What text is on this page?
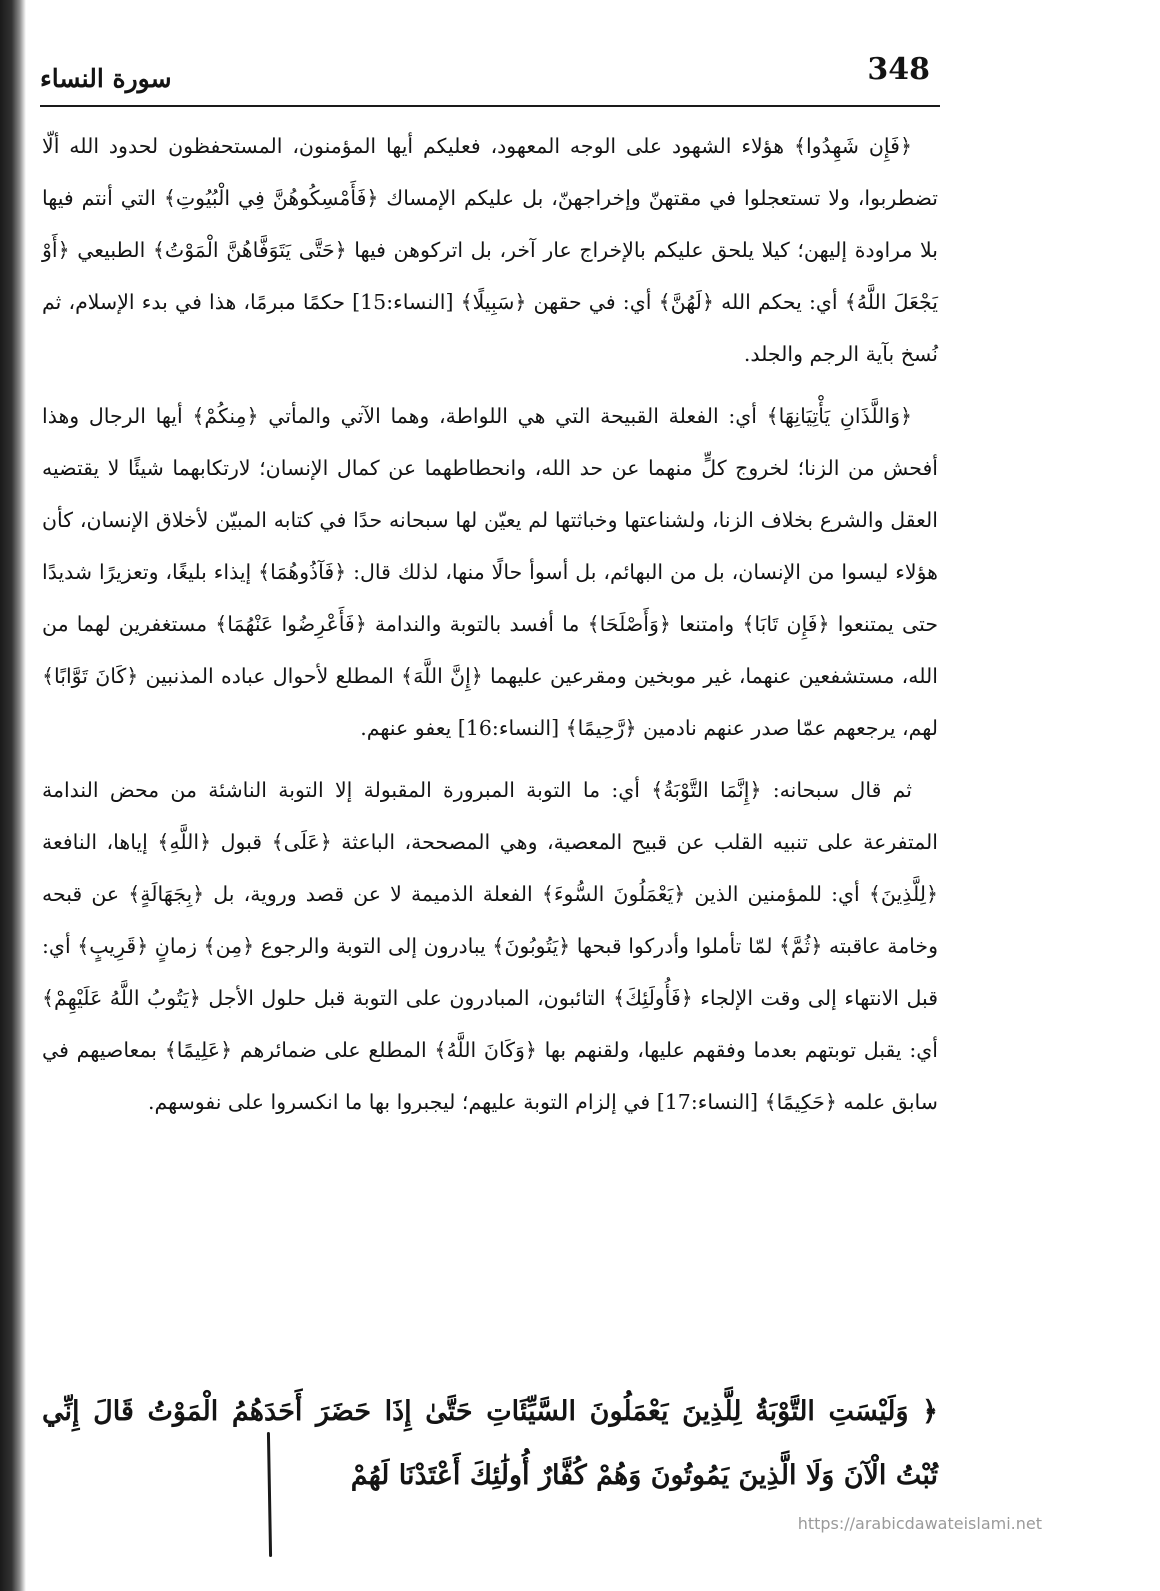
348
سورة النساء

﴿فَإِن شَهِدُوا﴾ هؤلاء الشهود على الوجه المعهود، فعليكم أيها المؤمنون، المستحفظون لحدود الله ألّا تضطربوا، ولا تستعجلوا في مقتهنّ وإخراجهنّ، بل عليكم الإمساك ﴿فَأَمْسِكُوهُنَّ فِي الْبُيُوتِ﴾ التي أنتم فيها بلا مراودة إليهن؛ كيلا يلحق عليكم بالإخراج عار آخر، بل اتركوهن فيها ﴿حَتَّى يَتَوَفَّاهُنَّ الْمَوْتُ﴾ الطبيعي ﴿أَوْ يَجْعَلَ اللَّهُ﴾ أي: يحكم الله ﴿لَهُنَّ﴾ أي: في حقهن ﴿سَبِيلًا﴾ [النساء:15] حكمًا مبرمًا، هذا في بدء الإسلام، ثم نُسخ بآية الرجم والجلد.

﴿وَاللَّذَانِ يَأْتِيَانِهَا﴾ أي: الفعلة القبيحة التي هي اللواطة، وهما الآتي والمأتي ﴿مِنكُمْ﴾ أيها الرجال وهذا أفحش من الزنا؛ لخروج كلٍّ منهما عن حد الله، وانحطاطهما عن كمال الإنسان؛ لارتكابهما شيئًا لا يقتضيه العقل والشرع بخلاف الزنا، ولشناعتها وخباثتها لم يعيّن لها سبحانه حدًا في كتابه المبيّن لأخلاق الإنسان، كأن هؤلاء ليسوا من الإنسان، بل من البهائم، بل أسوأ حالًا منها، لذلك قال: ﴿فَآذُوهُمَا﴾ إيذاء بليغًا، وتعزيرًا شديدًا حتى يمتنعوا ﴿فَإِن تَابَا﴾ وامتنعا ﴿وَأَصْلَحَا﴾ ما أفسد بالتوبة والندامة ﴿فَأَعْرِضُوا عَنْهُمَا﴾ مستغفرين لهما من الله، مستشفعين عنهما، غير موبخين ومقرعين عليهما ﴿إِنَّ اللَّهَ﴾ المطلع لأحوال عباده المذنبين ﴿كَانَ تَوَّابًا﴾ لهم، يرجعهم عمّا صدر عنهم نادمين ﴿رَّحِيمًا﴾ [النساء:16] يعفو عنهم.

ثم قال سبحانه: ﴿إِنَّمَا التَّوْبَةُ﴾ أي: ما التوبة المبرورة المقبولة إلا التوبة الناشئة من محض الندامة المتفرعة على تنبيه القلب عن قبيح المعصية، وهي المصححة، الباعثة ﴿عَلَى﴾ قبول ﴿اللَّهِ﴾ إياها، النافعة ﴿لِلَّذِينَ﴾ أي: للمؤمنين الذين ﴿يَعْمَلُونَ السُّوءَ﴾ الفعلة الذميمة لا عن قصد وروية، بل ﴿بِجَهَالَةٍ﴾ عن قبحه وخامة عاقبته ﴿ثُمَّ﴾ لمّا تأملوا وأدركوا قبحها ﴿يَتُوبُونَ﴾ يبادرون إلى التوبة والرجوع ﴿مِن﴾ زمانٍ ﴿قَرِيبٍ﴾ أي: قبل الانتهاء إلى وقت الإلجاء ﴿فَأُولَئِكَ﴾ التائبون، المبادرون على التوبة قبل حلول الأجل ﴿يَتُوبُ اللَّهُ عَلَيْهِمْ﴾ أي: يقبل توبتهم بعدما وفقهم عليها، ولقنهم بها ﴿وَكَانَ اللَّهُ﴾ المطلع على ضمائرهم ﴿عَلِيمًا﴾ بمعاصيهم في سابق علمه ﴿حَكِيمًا﴾ [النساء:17] في إلزام التوبة عليهم؛ ليجبروا بها ما انكسروا على نفوسهم.

﴿ وَلَيْسَتِ التَّوْبَةُ لِلَّذِينَ يَعْمَلُونَ السَّيِّئَاتِ حَتَّىٰ إِذَا حَضَرَ أَحَدَهُمُ الْمَوْتُ قَالَ إِنِّي تُبْتُ الْآنَ وَلَا الَّذِينَ يَمُوتُونَ وَهُمْ كُفَّارٌ أُولَٰئِكَ أَعْتَدْنَا لَهُمْ
https://arabicdawateislami.net
